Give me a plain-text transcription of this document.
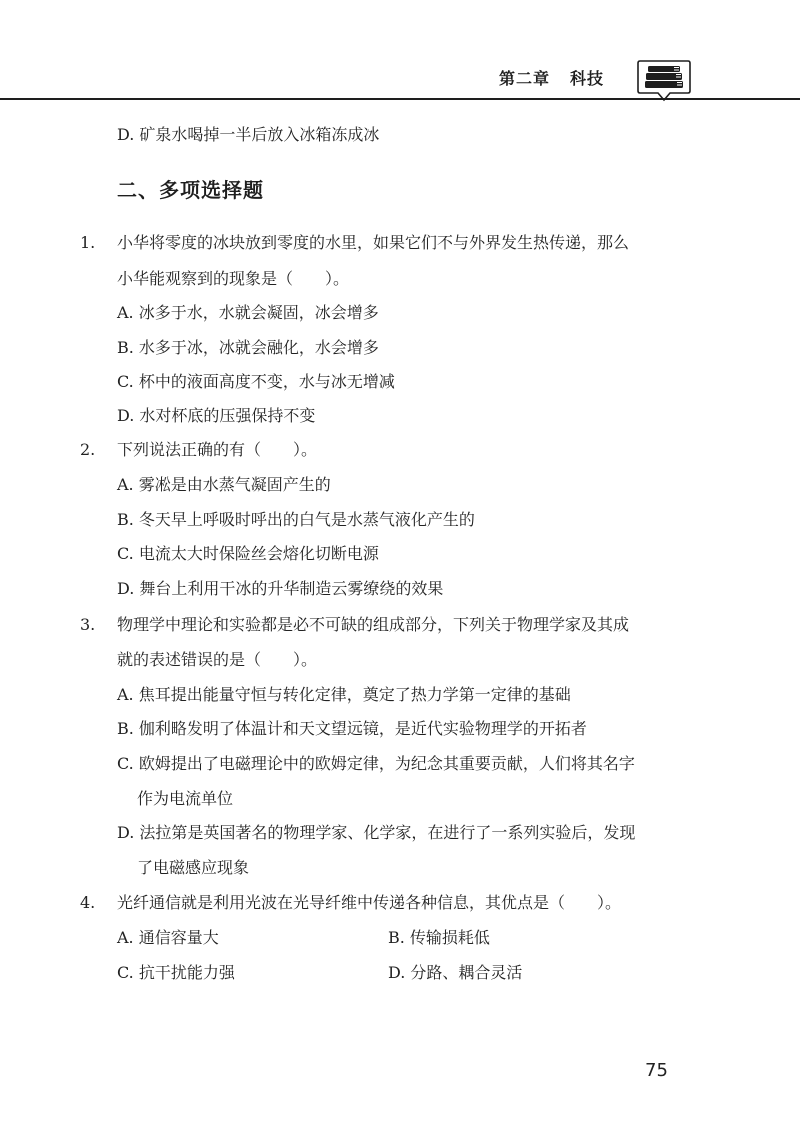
第二章 科技
D. 矿泉水喝掉一半后放入冰箱冻成冰
二、多项选择题
1. 小华将零度的冰块放到零度的水里，如果它们不与外界发生热传递，那么
小华能观察到的现象是（　　）。
A. 冰多于水，水就会凝固，冰会增多
B. 水多于冰，冰就会融化，水会增多
C. 杯中的液面高度不变，水与冰无增减
D. 水对杯底的压强保持不变
2. 下列说法正确的有（　　）。
A. 雾凇是由水蒸气凝固产生的
B. 冬天早上呼吸时呼出的白气是水蒸气液化产生的
C. 电流太大时保险丝会熔化切断电源
D. 舞台上利用干冰的升华制造云雾缭绕的效果
3. 物理学中理论和实验都是必不可缺的组成部分，下列关于物理学家及其成
就的表述错误的是（　　）。
A. 焦耳提出能量守恒与转化定律，奠定了热力学第一定律的基础
B. 伽利略发明了体温计和天文望远镜，是近代实验物理学的开拓者
C. 欧姆提出了电磁理论中的欧姆定律，为纪念其重要贡献，人们将其名字
作为电流单位
D. 法拉第是英国著名的物理学家、化学家，在进行了一系列实验后，发现
了电磁感应现象
4. 光纤通信就是利用光波在光导纤维中传递各种信息，其优点是（　　）。
A. 通信容量大	B. 传输损耗低
C. 抗干扰能力强	D. 分路、耦合灵活
75
